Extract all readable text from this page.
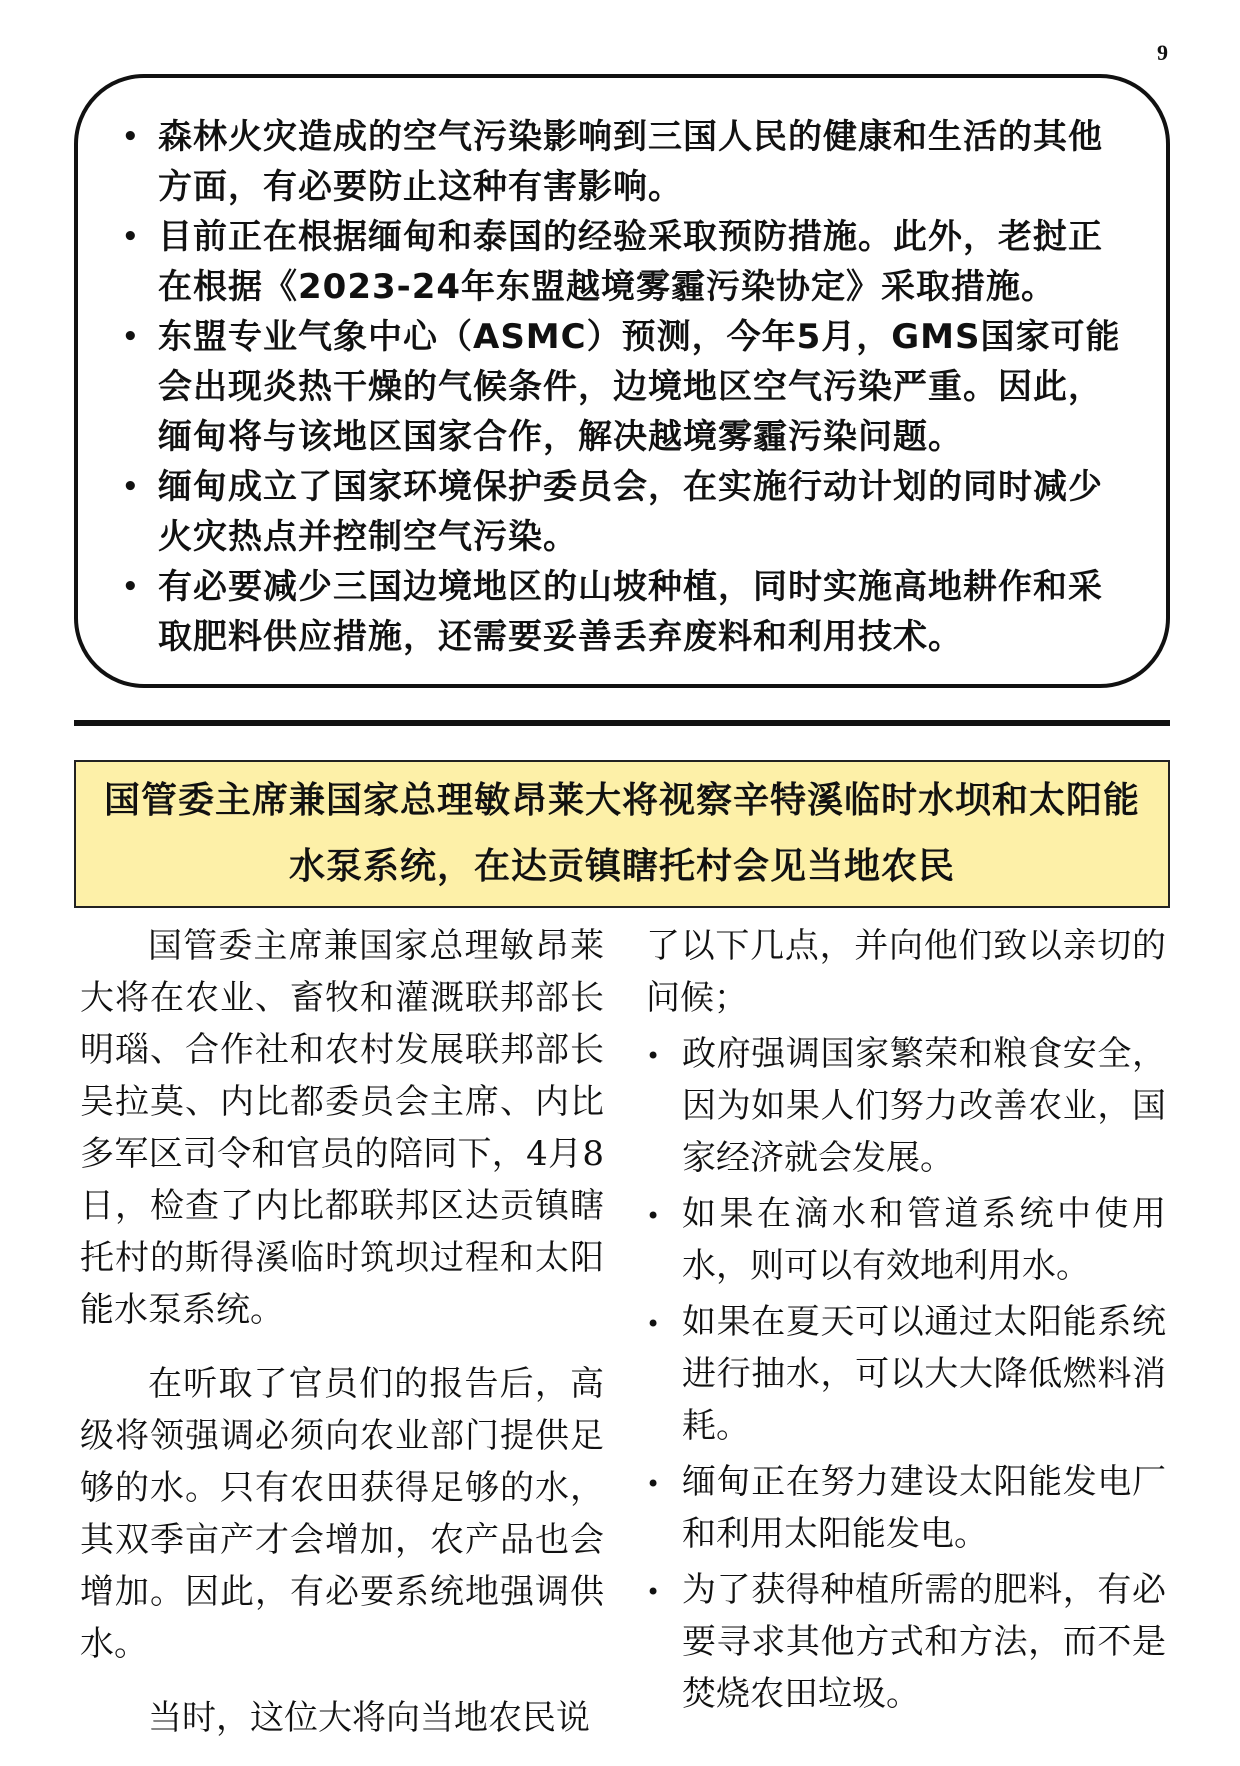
9
• 森林火灾造成的空气污染影响到三国人民的健康和生活的其他方面，有必要防止这种有害影响。
• 目前正在根据缅甸和泰国的经验采取预防措施。此外，老挝正在根据《2023-24年东盟越境雾霾污染协定》采取措施。
• 东盟专业气象中心（ASMC）预测，今年5月，GMS国家可能会出现炎热干燥的气候条件，边境地区空气污染严重。因此，缅甸将与该地区国家合作，解决越境雾霾污染问题。
• 缅甸成立了国家环境保护委员会，在实施行动计划的同时减少火灾热点并控制空气污染。
• 有必要减少三国边境地区的山坡种植，同时实施高地耕作和采取肥料供应措施，还需要妥善丢弃废料和利用技术。
国管委主席兼国家总理敏昂莱大将视察辛特溪临时水坝和太阳能水泵系统，在达贡镇瞎托村会见当地农民

国管委主席兼国家总理敏昂莱大将在农业、畜牧和灌溉联邦部长明瑙、合作社和农村发展联邦部长吴拉莫、内比都委员会主席、内比多军区司令和官员的陪同下，4月8日，检查了内比都联邦区达贡镇瞎托村的斯得溪临时筑坝过程和太阳能水泵系统。

在听取了官员们的报告后，高级将领强调必须向农业部门提供足够的水。只有农田获得足够的水，其双季亩产才会增加，农产品也会增加。因此，有必要系统地强调供水。

当时，这位大将向当地农民说

了以下几点，并向他们致以亲切的问候；

• 政府强调国家繁荣和粮食安全，因为如果人们努力改善农业，国家经济就会发展。
• 如果在滴水和管道系统中使用水，则可以有效地利用水。
• 如果在夏天可以通过太阳能系统进行抽水，可以大大降低燃料消耗。
• 缅甸正在努力建设太阳能发电厂和利用太阳能发电。
• 为了获得种植所需的肥料，有必要寻求其他方式和方法，而不是焚烧农田垃圾。
